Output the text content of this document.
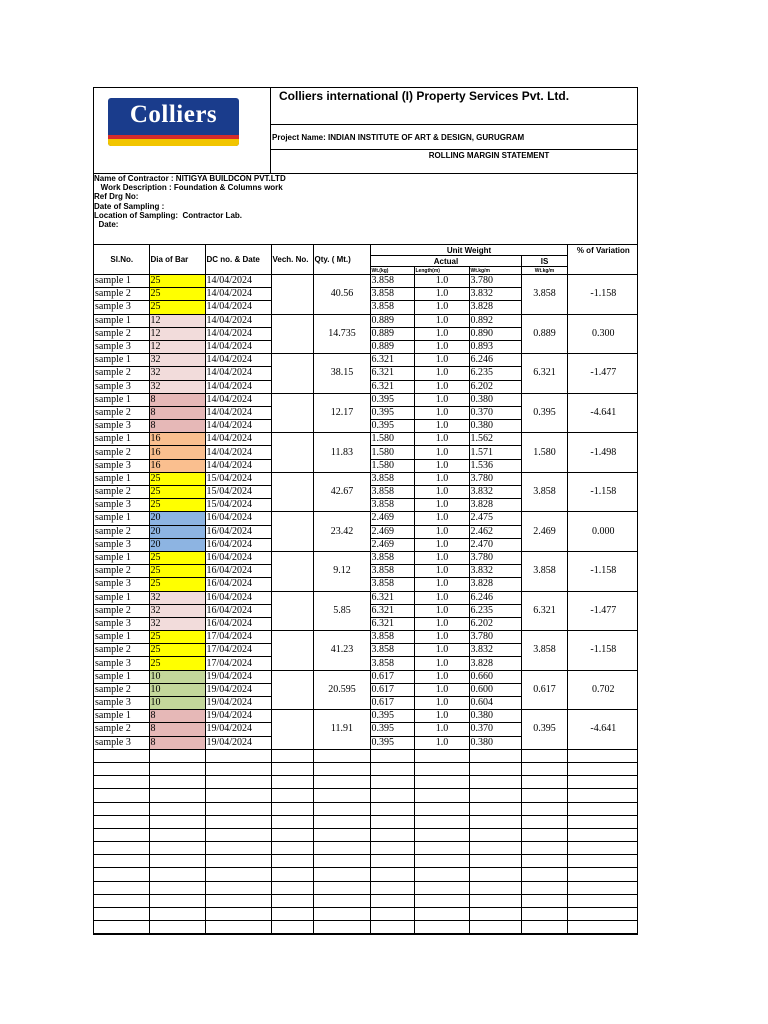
Colliers
Colliers international (I) Property Services Pvt. Ltd.
Project Name: INDIAN INSTITUTE OF ART & DESIGN, GURUGRAM
ROLLING MARGIN STATEMENT
Name of Contractor : NITIGYA BUILDCON PVT.LTD
Work Description : Foundation & Columns work
Ref Drg No:
Date of Sampling :
Location of Sampling:  Contractor Lab.
Date:
Sl.No.	Dia of Bar	DC no. & Date	Vech. No.	Qty. ( Mt.)	Unit Weight				% of Variation
					Actual			IS	
					Wt.(kg)	Length(m)	Wt.kg/m	Wt.kg/m	
sample 1	25	14/04/2024		40.56	3.858	1.0	3.780	3.858	-1.158
sample 2	25	14/04/2024			3.858	1.0	3.832		
sample 3	25	14/04/2024			3.858	1.0	3.828		
sample 1	12	14/04/2024		14.735	0.889	1.0	0.892	0.889	0.300
sample 2	12	14/04/2024			0.889	1.0	0.890		
sample 3	12	14/04/2024			0.889	1.0	0.893		
sample 1	32	14/04/2024		38.15	6.321	1.0	6.246	6.321	-1.477
sample 2	32	14/04/2024			6.321	1.0	6.235		
sample 3	32	14/04/2024			6.321	1.0	6.202		
sample 1	8	14/04/2024		12.17	0.395	1.0	0.380	0.395	-4.641
sample 2	8	14/04/2024			0.395	1.0	0.370		
sample 3	8	14/04/2024			0.395	1.0	0.380		
sample 1	16	14/04/2024		11.83	1.580	1.0	1.562	1.580	-1.498
sample 2	16	14/04/2024			1.580	1.0	1.571		
sample 3	16	14/04/2024			1.580	1.0	1.536		
sample 1	25	15/04/2024		42.67	3.858	1.0	3.780	3.858	-1.158
sample 2	25	15/04/2024			3.858	1.0	3.832		
sample 3	25	15/04/2024			3.858	1.0	3.828		
sample 1	20	16/04/2024		23.42	2.469	1.0	2.475	2.469	0.000
sample 2	20	16/04/2024			2.469	1.0	2.462		
sample 3	20	16/04/2024			2.469	1.0	2.470		
sample 1	25	16/04/2024		9.12	3.858	1.0	3.780	3.858	-1.158
sample 2	25	16/04/2024			3.858	1.0	3.832		
sample 3	25	16/04/2024			3.858	1.0	3.828		
sample 1	32	16/04/2024		5.85	6.321	1.0	6.246	6.321	-1.477
sample 2	32	16/04/2024			6.321	1.0	6.235		
sample 3	32	16/04/2024			6.321	1.0	6.202		
sample 1	25	17/04/2024		41.23	3.858	1.0	3.780	3.858	-1.158
sample 2	25	17/04/2024			3.858	1.0	3.832		
sample 3	25	17/04/2024			3.858	1.0	3.828		
sample 1	10	19/04/2024		20.595	0.617	1.0	0.660	0.617	0.702
sample 2	10	19/04/2024			0.617	1.0	0.600		
sample 3	10	19/04/2024			0.617	1.0	0.604		
sample 1	8	19/04/2024		11.91	0.395	1.0	0.380	0.395	-4.641
sample 2	8	19/04/2024			0.395	1.0	0.370		
sample 3	8	19/04/2024			0.395	1.0	0.380		
